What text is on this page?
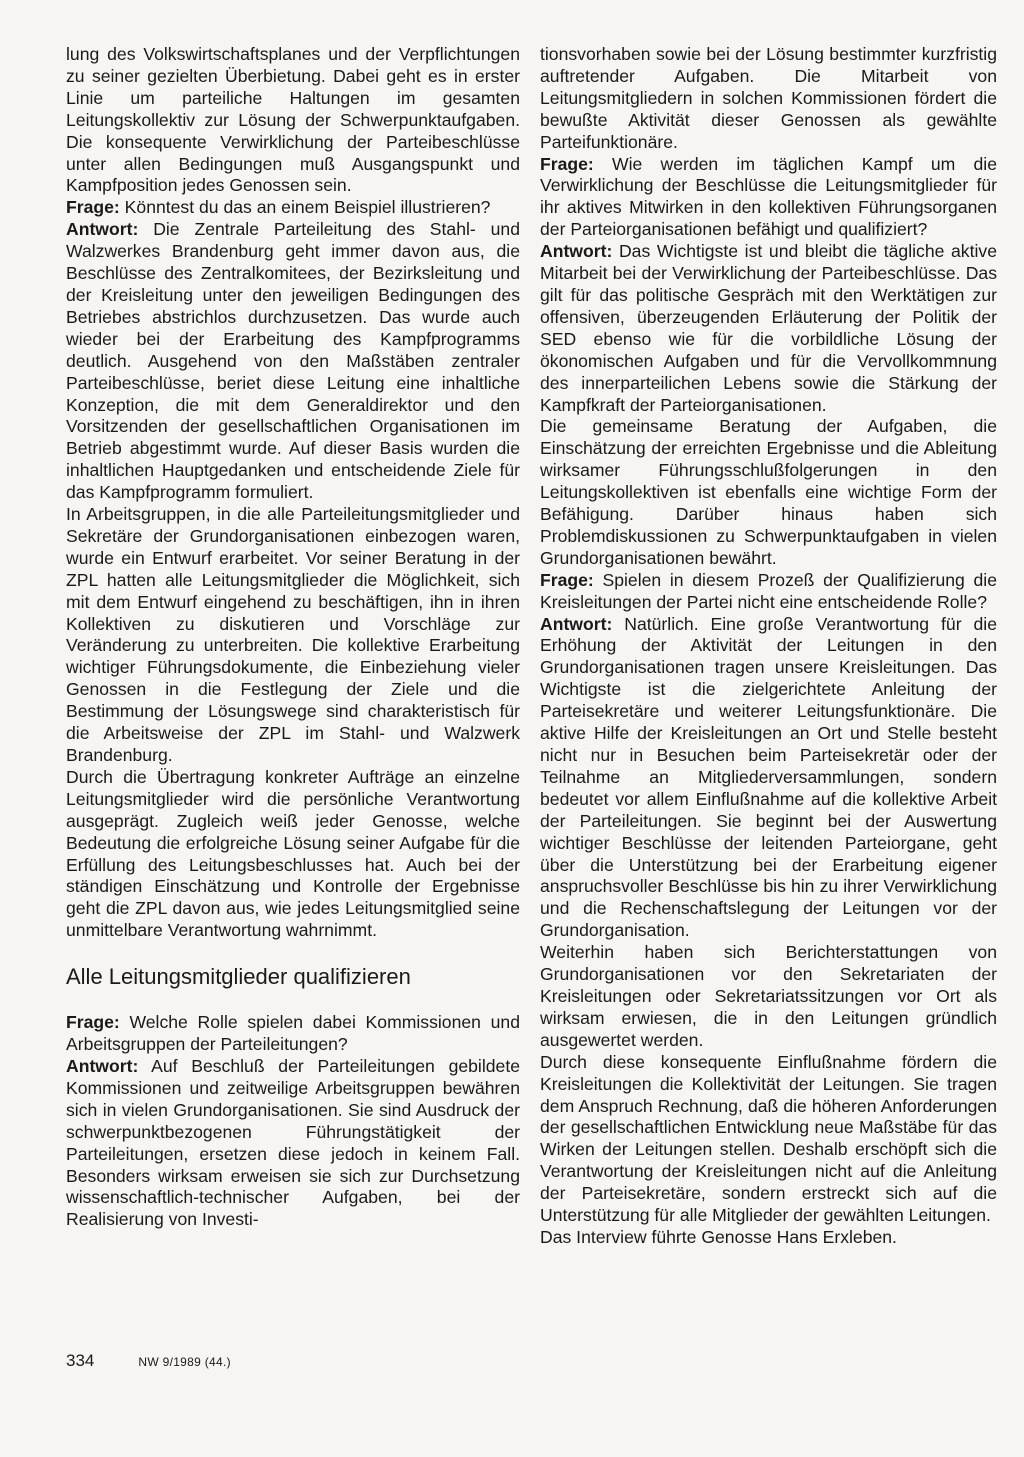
lung des Volkswirtschaftsplanes und der Verpflichtungen zu seiner gezielten Überbietung. Dabei geht es in erster Linie um parteiliche Haltungen im gesamten Leitungskollektiv zur Lösung der Schwerpunktaufgaben. Die konsequente Verwirklichung der Parteibeschlüsse unter allen Bedingungen muß Ausgangspunkt und Kampfposition jedes Genossen sein.

Frage: Könntest du das an einem Beispiel illustrieren?

Antwort: Die Zentrale Parteileitung des Stahl- und Walzwerkes Brandenburg geht immer davon aus, die Beschlüsse des Zentralkomitees, der Bezirksleitung und der Kreisleitung unter den jeweiligen Bedingungen des Betriebes abstrichlos durchzusetzen. Das wurde auch wieder bei der Erarbeitung des Kampfprogramms deutlich. Ausgehend von den Maßstäben zentraler Parteibeschlüsse, beriet diese Leitung eine inhaltliche Konzeption, die mit dem Generaldirektor und den Vorsitzenden der gesellschaftlichen Organisationen im Betrieb abgestimmt wurde. Auf dieser Basis wurden die inhaltlichen Hauptgedanken und entscheidende Ziele für das Kampfprogramm formuliert.

In Arbeitsgruppen, in die alle Parteileitungsmitglieder und Sekretäre der Grundorganisationen einbezogen waren, wurde ein Entwurf erarbeitet. Vor seiner Beratung in der ZPL hatten alle Leitungsmitglieder die Möglichkeit, sich mit dem Entwurf eingehend zu beschäftigen, ihn in ihren Kollektiven zu diskutieren und Vorschläge zur Veränderung zu unterbreiten. Die kollektive Erarbeitung wichtiger Führungsdokumente, die Einbeziehung vieler Genossen in die Festlegung der Ziele und die Bestimmung der Lösungswege sind charakteristisch für die Arbeitsweise der ZPL im Stahl- und Walzwerk Brandenburg.

Durch die Übertragung konkreter Aufträge an einzelne Leitungsmitglieder wird die persönliche Verantwortung ausgeprägt. Zugleich weiß jeder Genosse, welche Bedeutung die erfolgreiche Lösung seiner Aufgabe für die Erfüllung des Leitungsbeschlusses hat. Auch bei der ständigen Einschätzung und Kontrolle der Ergebnisse geht die ZPL davon aus, wie jedes Leitungsmitglied seine unmittelbare Verantwortung wahrnimmt.

Alle Leitungsmitglieder qualifizieren

Frage: Welche Rolle spielen dabei Kommissionen und Arbeitsgruppen der Parteileitungen?

Antwort: Auf Beschluß der Parteileitungen gebildete Kommissionen und zeitweilige Arbeitsgruppen bewähren sich in vielen Grundorganisationen. Sie sind Ausdruck der schwerpunktbezogenen Führungstätigkeit der Parteileitungen, ersetzen diese jedoch in keinem Fall. Besonders wirksam erweisen sie sich zur Durchsetzung wissenschaftlich-technischer Aufgaben, bei der Realisierung von Investi-

tionsvorhaben sowie bei der Lösung bestimmter kurzfristig auftretender Aufgaben. Die Mitarbeit von Leitungsmitgliedern in solchen Kommissionen fördert die bewußte Aktivität dieser Genossen als gewählte Parteifunktionäre.

Frage: Wie werden im täglichen Kampf um die Verwirklichung der Beschlüsse die Leitungsmitglieder für ihr aktives Mitwirken in den kollektiven Führungsorganen der Parteiorganisationen befähigt und qualifiziert?

Antwort: Das Wichtigste ist und bleibt die tägliche aktive Mitarbeit bei der Verwirklichung der Parteibeschlüsse. Das gilt für das politische Gespräch mit den Werktätigen zur offensiven, überzeugenden Erläuterung der Politik der SED ebenso wie für die vorbildliche Lösung der ökonomischen Aufgaben und für die Vervollkommnung des innerparteilichen Lebens sowie die Stärkung der Kampfkraft der Parteiorganisationen.

Die gemeinsame Beratung der Aufgaben, die Einschätzung der erreichten Ergebnisse und die Ableitung wirksamer Führungsschlußfolgerungen in den Leitungskollektiven ist ebenfalls eine wichtige Form der Befähigung. Darüber hinaus haben sich Problemdiskussionen zu Schwerpunktaufgaben in vielen Grundorganisationen bewährt.

Frage: Spielen in diesem Prozeß der Qualifizierung die Kreisleitungen der Partei nicht eine entscheidende Rolle?

Antwort: Natürlich. Eine große Verantwortung für die Erhöhung der Aktivität der Leitungen in den Grundorganisationen tragen unsere Kreisleitungen. Das Wichtigste ist die zielgerichtete Anleitung der Parteisekretäre und weiterer Leitungsfunktionäre. Die aktive Hilfe der Kreisleitungen an Ort und Stelle besteht nicht nur in Besuchen beim Parteisekretär oder der Teilnahme an Mitgliederversammlungen, sondern bedeutet vor allem Einflußnahme auf die kollektive Arbeit der Parteileitungen. Sie beginnt bei der Auswertung wichtiger Beschlüsse der leitenden Parteiorgane, geht über die Unterstützung bei der Erarbeitung eigener anspruchsvoller Beschlüsse bis hin zu ihrer Verwirklichung und die Rechenschaftslegung der Leitungen vor der Grundorganisation.

Weiterhin haben sich Berichterstattungen von Grundorganisationen vor den Sekretariaten der Kreisleitungen oder Sekretariatssitzungen vor Ort als wirksam erwiesen, die in den Leitungen gründlich ausgewertet werden.

Durch diese konsequente Einflußnahme fördern die Kreisleitungen die Kollektivität der Leitungen. Sie tragen dem Anspruch Rechnung, daß die höheren Anforderungen der gesellschaftlichen Entwicklung neue Maßstäbe für das Wirken der Leitungen stellen. Deshalb erschöpft sich die Verantwortung der Kreisleitungen nicht auf die Anleitung der Parteisekretäre, sondern erstreckt sich auf die Unterstützung für alle Mitglieder der gewählten Leitungen.

Das Interview führte Genosse Hans Erxleben.

334	NW 9/1989 (44.)
